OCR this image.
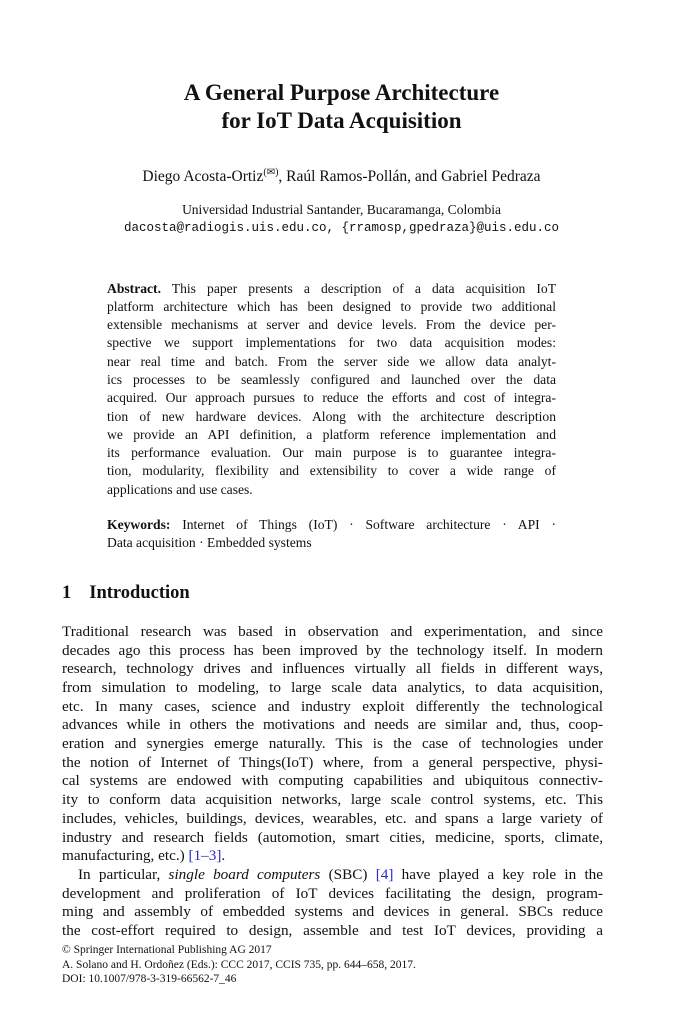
A General Purpose Architecture
for IoT Data Acquisition
Diego Acosta-Ortiz(✉), Raúl Ramos-Pollán, and Gabriel Pedraza
Universidad Industrial Santander, Bucaramanga, Colombia
dacosta@radiogis.uis.edu.co, {rramosp,gpedraza}@uis.edu.co
Abstract. This paper presents a description of a data acquisition IoT
platform architecture which has been designed to provide two additional
extensible mechanisms at server and device levels. From the device per-
spective we support implementations for two data acquisition modes:
near real time and batch. From the server side we allow data analyt-
ics processes to be seamlessly configured and launched over the data
acquired. Our approach pursues to reduce the efforts and cost of integra-
tion of new hardware devices. Along with the architecture description
we provide an API definition, a platform reference implementation and
its performance evaluation. Our main purpose is to guarantee integra-
tion, modularity, flexibility and extensibility to cover a wide range of
applications and use cases.
Keywords: Internet of Things (IoT) · Software architecture · API ·
Data acquisition · Embedded systems
1 Introduction
Traditional research was based in observation and experimentation, and since
decades ago this process has been improved by the technology itself. In modern
research, technology drives and influences virtually all fields in different ways,
from simulation to modeling, to large scale data analytics, to data acquisition,
etc. In many cases, science and industry exploit differently the technological
advances while in others the motivations and needs are similar and, thus, coop-
eration and synergies emerge naturally. This is the case of technologies under
the notion of Internet of Things(IoT) where, from a general perspective, physi-
cal systems are endowed with computing capabilities and ubiquitous connectiv-
ity to conform data acquisition networks, large scale control systems, etc. This
includes, vehicles, buildings, devices, wearables, etc. and spans a large variety of
industry and research fields (automotion, smart cities, medicine, sports, climate,
manufacturing, etc.) [1–3].
In particular, single board computers (SBC) [4] have played a key role in the
development and proliferation of IoT devices facilitating the design, program-
ming and assembly of embedded systems and devices in general. SBCs reduce
the cost-effort required to design, assemble and test IoT devices, providing a
© Springer International Publishing AG 2017
A. Solano and H. Ordoñez (Eds.): CCC 2017, CCIS 735, pp. 644–658, 2017.
DOI: 10.1007/978-3-319-66562-7_46
